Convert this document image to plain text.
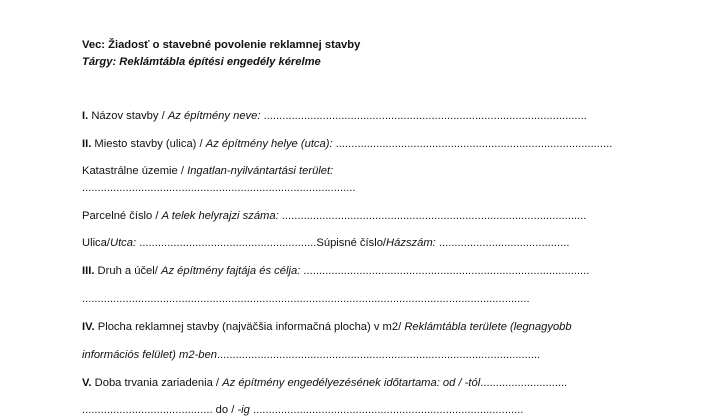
Vec: Žiadosť o stavebné povolenie reklamnej stavby
Tárgy: Reklámtábla építési engedély kérelme
I. Názov stavby / Az építmény neve: ........................................................................................................
II. Miesto stavby (ulica) / Az építmény helye (utca): .........................................................................................
Katastrálne územie / Ingatlan-nyilvántartási terület:
........................................................................................
Parcelné číslo / A telek helyrajzi száma: ..................................................................................................
Ulica/Utca: .........................................................Súpisné číslo/Házszám: ..........................................
III. Druh a účel/ Az építmény fajtája és célja: ............................................................................................
................................................................................................................................................
IV. Plocha reklamnej stavby (najväčšia informačná plocha) v m2/ Reklámtábla területe (legnagyobb
információs felület) m2-ben........................................................................................................
V. Doba trvania zariadenia / Az építmény engedélyezésének időtartama: od / -tól............................
.......................................... do / -ig .......................................................................................
